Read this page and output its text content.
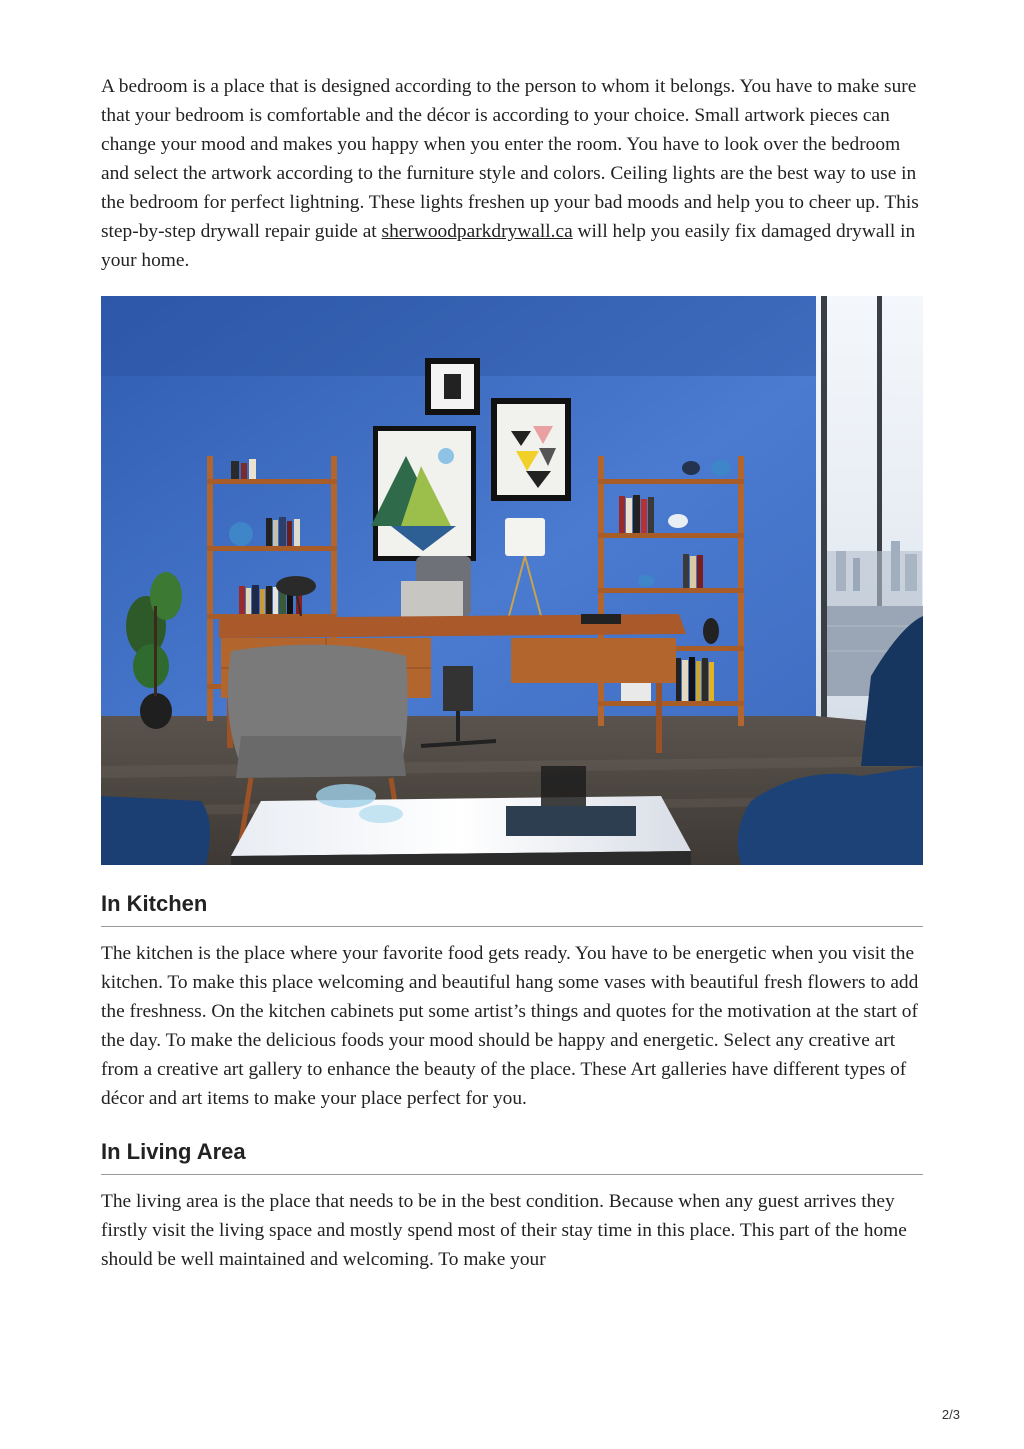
A bedroom is a place that is designed according to the person to whom it belongs. You have to make sure that your bedroom is comfortable and the décor is according to your choice. Small artwork pieces can change your mood and makes you happy when you enter the room. You have to look over the bedroom and select the artwork according to the furniture style and colors. Ceiling lights are the best way to use in the bedroom for perfect lightning. These lights freshen up your bad moods and help you to cheer up. This step-by-step drywall repair guide at sherwoodparkdrywall.ca will help you easily fix damaged drywall in your home.

In Kitchen

The kitchen is the place where your favorite food gets ready. You have to be energetic when you visit the kitchen. To make this place welcoming and beautiful hang some vases with beautiful fresh flowers to add the freshness. On the kitchen cabinets put some artist’s things and quotes for the motivation at the start of the day. To make the delicious foods your mood should be happy and energetic. Select any creative art from a creative art gallery to enhance the beauty of the place. These Art galleries have different types of décor and art items to make your place perfect for you.

In Living Area

The living area is the place that needs to be in the best condition. Because when any guest arrives they firstly visit the living space and mostly spend most of their stay time in this place. This part of the home should be well maintained and welcoming. To make your

2/3
